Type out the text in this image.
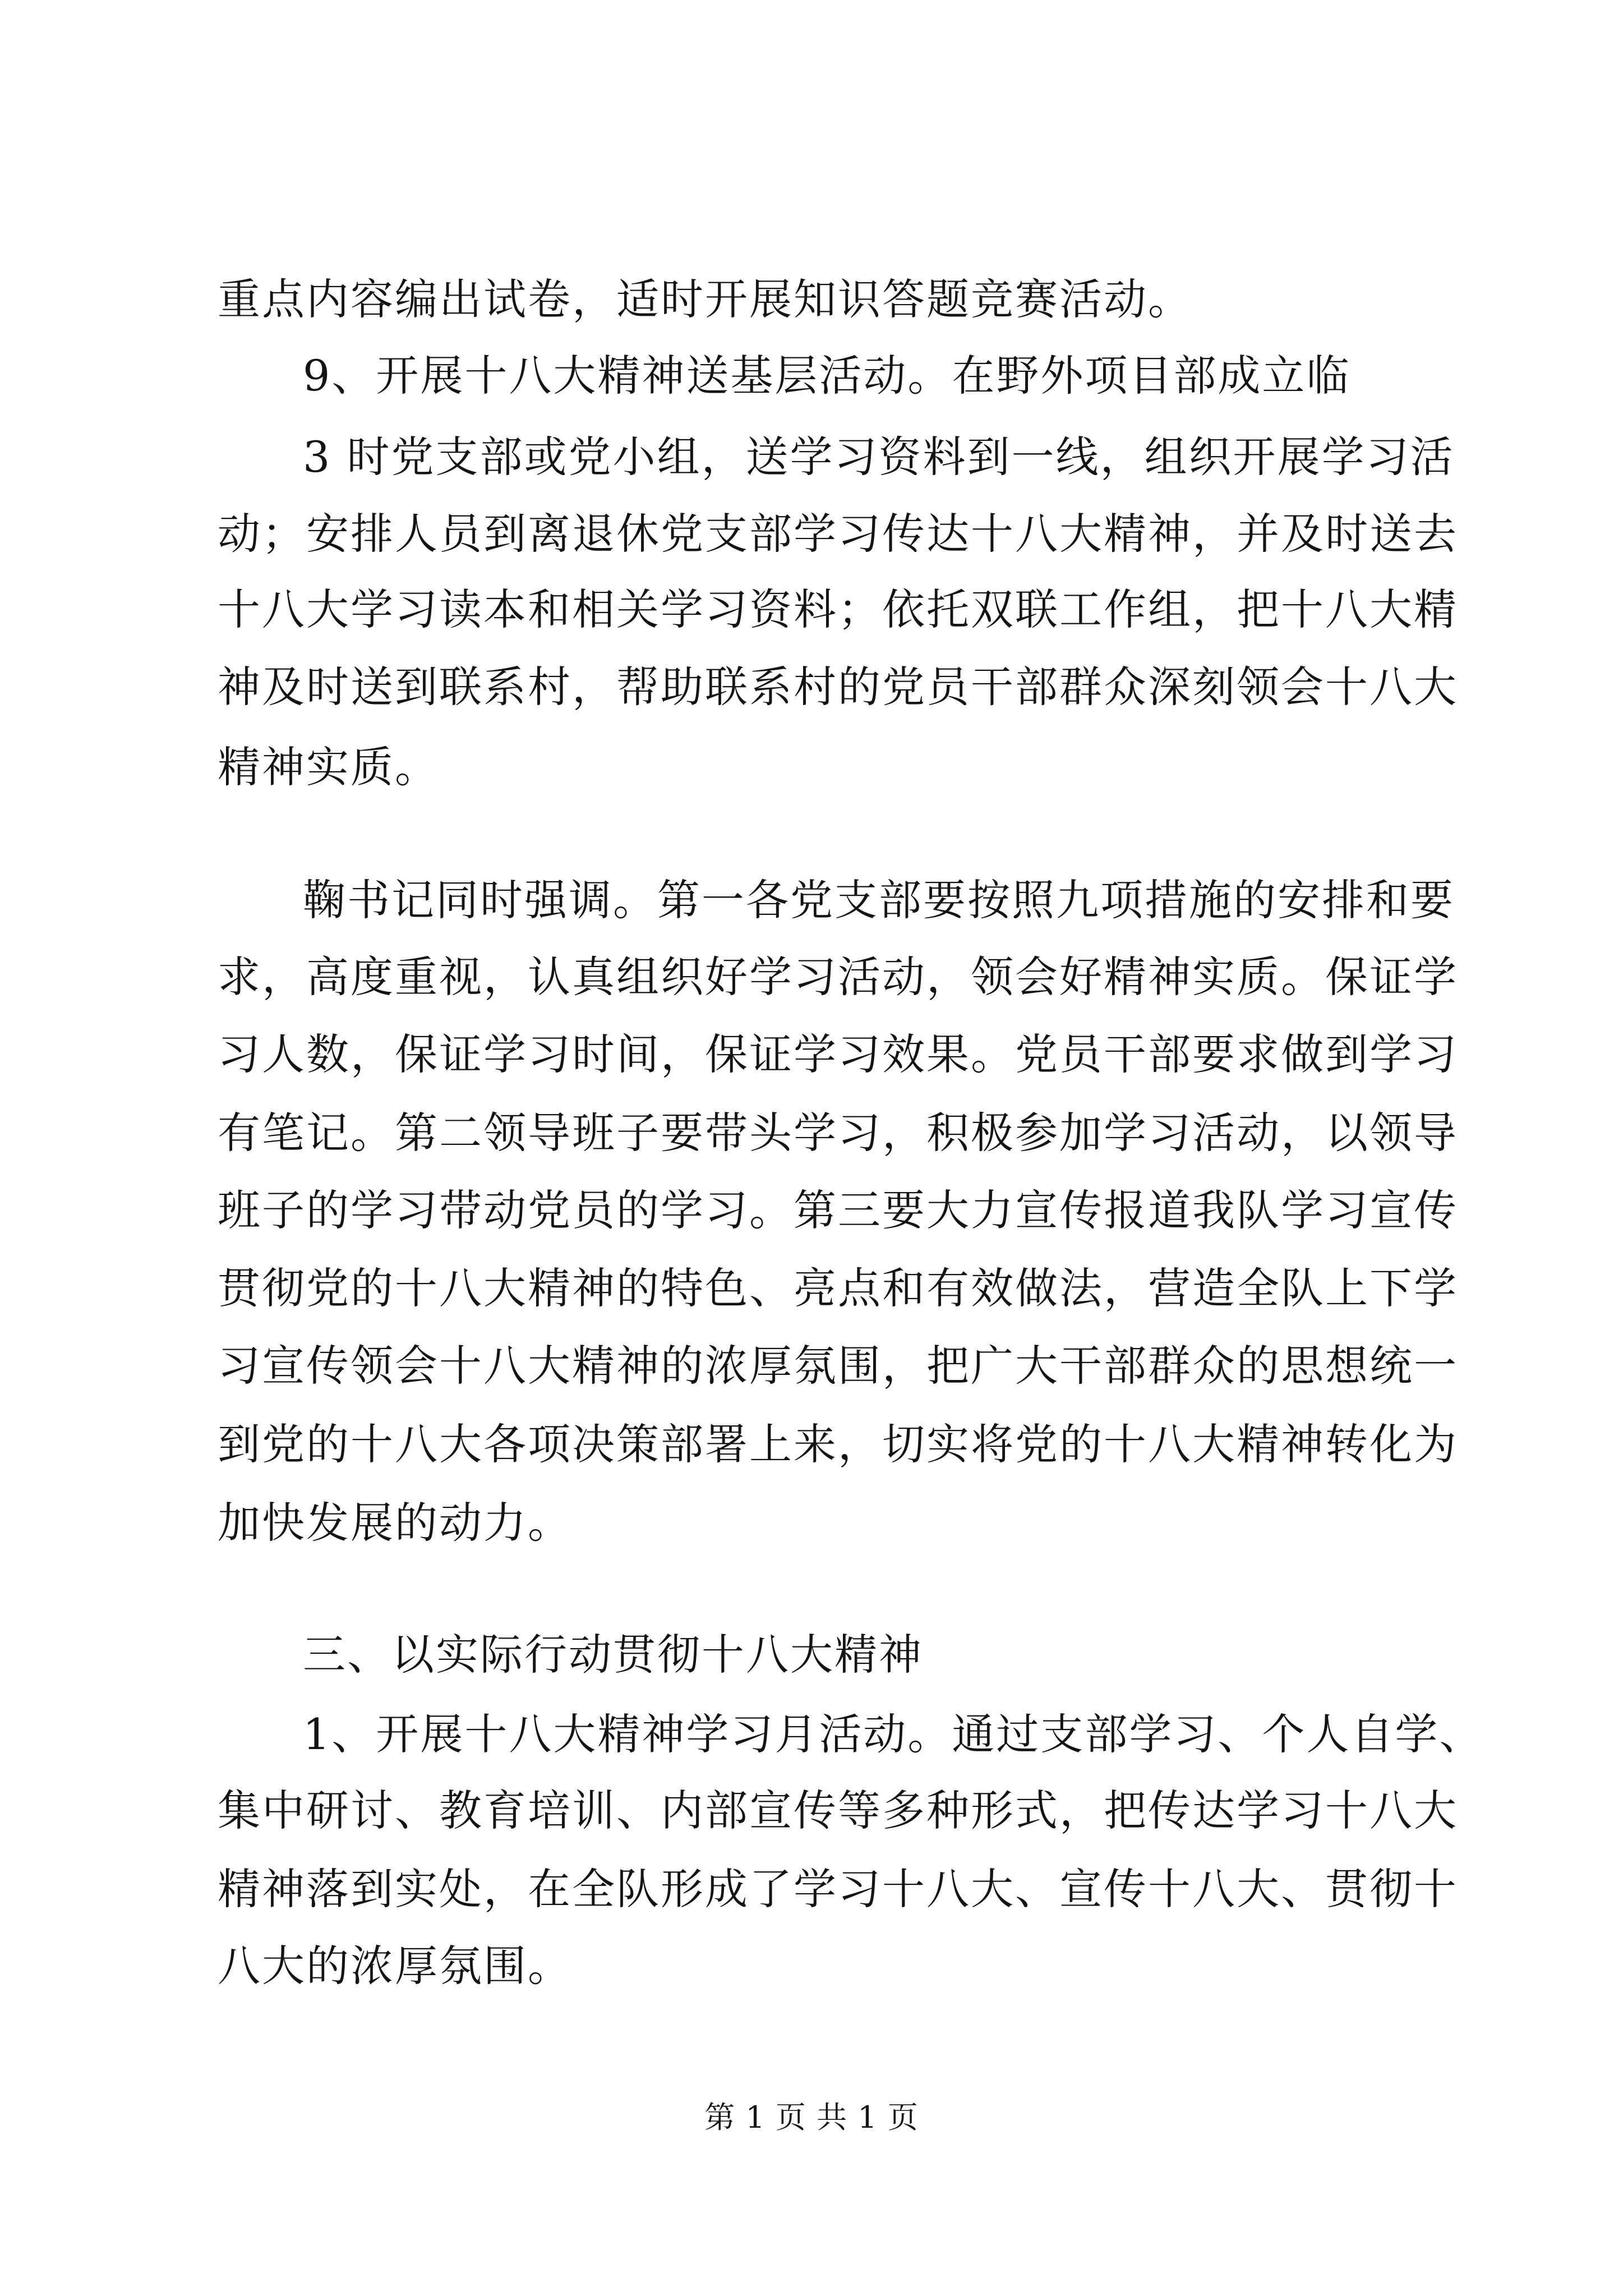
重点内容编出试卷，适时开展知识答题竞赛活动。
9、开展十八大精神送基层活动。在野外项目部成立临
3 时党支部或党小组，送学习资料到一线，组织开展学习活
动；安排人员到离退休党支部学习传达十八大精神，并及时送去
十八大学习读本和相关学习资料；依托双联工作组，把十八大精
神及时送到联系村，帮助联系村的党员干部群众深刻领会十八大
精神实质。
鞠书记同时强调。第一各党支部要按照九项措施的安排和要
求，高度重视，认真组织好学习活动，领会好精神实质。保证学
习人数，保证学习时间，保证学习效果。党员干部要求做到学习
有笔记。第二领导班子要带头学习，积极参加学习活动，以领导
班子的学习带动党员的学习。第三要大力宣传报道我队学习宣传
贯彻党的十八大精神的特色、亮点和有效做法，营造全队上下学
习宣传领会十八大精神的浓厚氛围，把广大干部群众的思想统一
到党的十八大各项决策部署上来，切实将党的十八大精神转化为
加快发展的动力。
三、以实际行动贯彻十八大精神
1、开展十八大精神学习月活动。通过支部学习、个人自学、
集中研讨、教育培训、内部宣传等多种形式，把传达学习十八大
精神落到实处，在全队形成了学习十八大、宣传十八大、贯彻十
八大的浓厚氛围。
第 1 页 共 1 页
